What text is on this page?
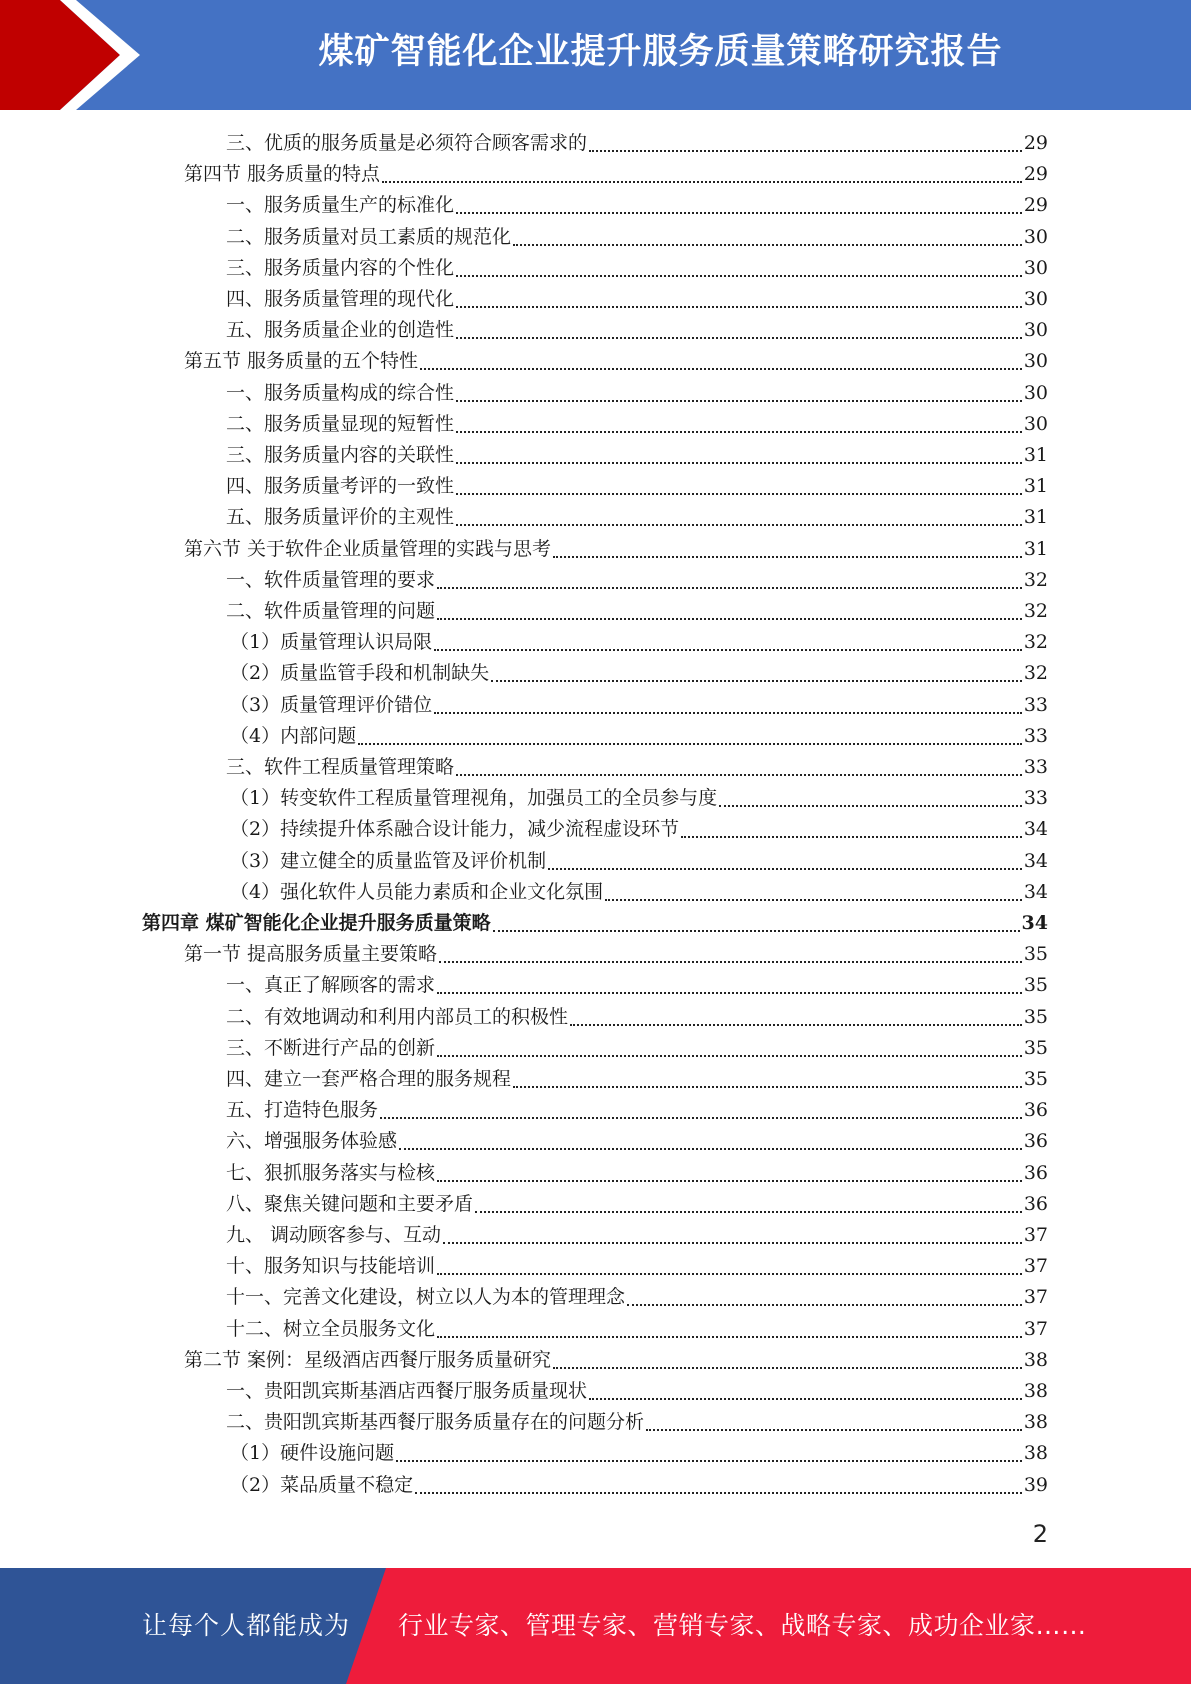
煤矿智能化企业提升服务质量策略研究报告
三、优质的服务质量是必须符合顾客需求的	29
第四节 服务质量的特点	29
一、服务质量生产的标准化	29
二、服务质量对员工素质的规范化	30
三、服务质量内容的个性化	30
四、服务质量管理的现代化	30
五、服务质量企业的创造性	30
第五节 服务质量的五个特性	30
一、服务质量构成的综合性	30
二、服务质量显现的短暂性	30
三、服务质量内容的关联性	31
四、服务质量考评的一致性	31
五、服务质量评价的主观性	31
第六节 关于软件企业质量管理的实践与思考	31
一、软件质量管理的要求	32
二、软件质量管理的问题	32
（1）质量管理认识局限	32
（2）质量监管手段和机制缺失	32
（3）质量管理评价错位	33
（4）内部问题	33
三、软件工程质量管理策略	33
（1）转变软件工程质量管理视角，加强员工的全员参与度	33
（2）持续提升体系融合设计能力，减少流程虚设环节	34
（3）建立健全的质量监管及评价机制	34
（4）强化软件人员能力素质和企业文化氛围	34
第四章 煤矿智能化企业提升服务质量策略	34
第一节 提高服务质量主要策略	35
一、真正了解顾客的需求	35
二、有效地调动和利用内部员工的积极性	35
三、不断进行产品的创新	35
四、建立一套严格合理的服务规程	35
五、打造特色服务	36
六、增强服务体验感	36
七、狠抓服务落实与检核	36
八、聚焦关键问题和主要矛盾	36
九、 调动顾客参与、互动	37
十、服务知识与技能培训	37
十一、完善文化建设，树立以人为本的管理理念	37
十二、树立全员服务文化	37
第二节 案例：星级酒店西餐厅服务质量研究	38
一、贵阳凯宾斯基酒店西餐厅服务质量现状	38
二、贵阳凯宾斯基西餐厅服务质量存在的问题分析	38
（1）硬件设施问题	38
（2）菜品质量不稳定	39
2
让每个人都能成为 行业专家、管理专家、营销专家、战略专家、成功企业家……
